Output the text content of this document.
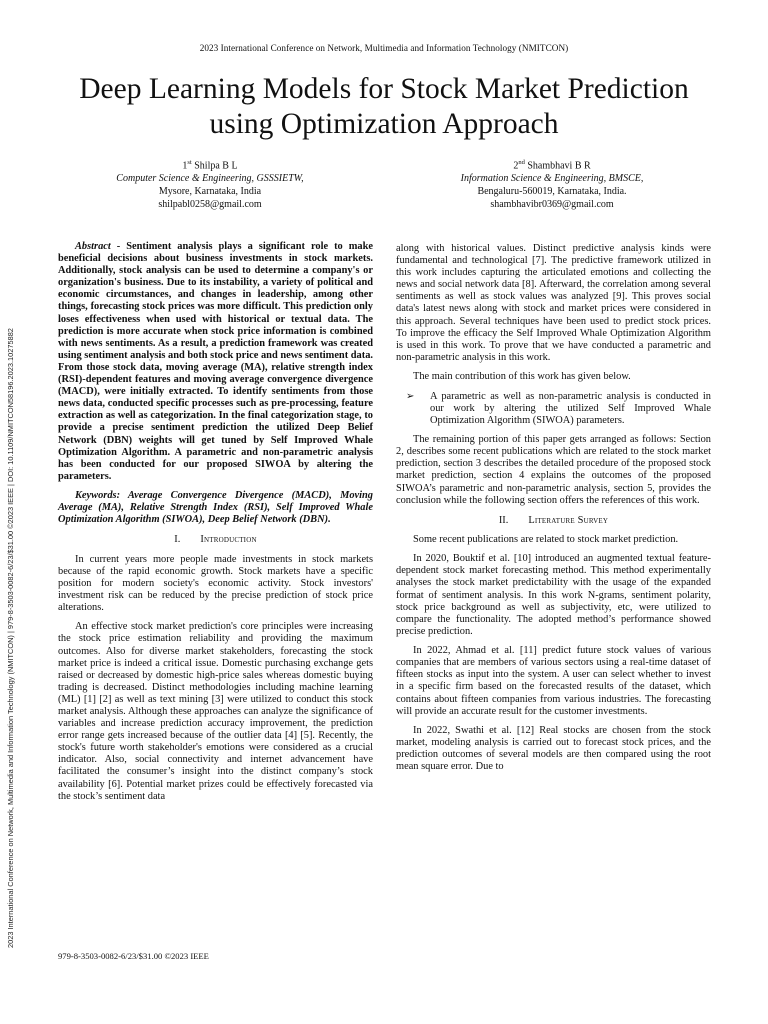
2023 International Conference on Network, Multimedia and Information Technology (NMITCON)
Deep Learning Models for Stock Market Prediction
using Optimization Approach
1st Shilpa B L
Computer Science & Engineering, GSSSIETW,
Mysore, Karnataka, India
shilpabl0258@gmail.com
2nd Shambhavi B R
Information Science & Engineering, BMSCE,
Bengaluru-560019, Karnataka, India.
shambhavibr0369@gmail.com
2023 International Conference on Network, Multimedia and Information Technology (NMITCON) | 979-8-3503-0082-6/23/$31.00 ©2023 IEEE | DOI: 10.1109/NMITCON58196.2023.10275882

Abstract - Sentiment analysis plays a significant role to make beneficial decisions about business investments in stock markets. Additionally, stock analysis can be used to determine a company's or organization's business. Due to its instability, a variety of political and economic circumstances, and changes in leadership, among other things, forecasting stock prices was more difficult. This prediction only loses effectiveness when used with historical or textual data. The prediction is more accurate when stock price information is combined with news sentiments. As a result, a prediction framework was created using sentiment analysis and both stock price and news sentiment data. From those stock data, moving average (MA), relative strength index (RSI)-dependent features and moving average convergence divergence (MACD), were initially extracted. To identify sentiments from those news data, conducted specific processes such as pre-processing, feature extraction as well as categorization. In the final categorization stage, to provide a precise sentiment prediction the utilized Deep Belief Network (DBN) weights will get tuned by Self Improved Whale Optimization Algorithm. A parametric and non-parametric analysis has been conducted for our proposed SIWOA by altering the parameters.

Keywords: Average Convergence Divergence (MACD), Moving Average (MA), Relative Strength Index (RSI), Self Improved Whale Optimization Algorithm (SIWOA), Deep Belief Network (DBN).

I. Introduction

In current years more people made investments in stock markets because of the rapid economic growth. Stock markets have a specific position for modern society's economic activity. Stock investors' investment risk can be reduced by the precise prediction of stock price alterations.

An effective stock market prediction's core principles were increasing the stock price estimation reliability and providing the maximum outcomes. Also for diverse market stakeholders, forecasting the stock market price is indeed a critical issue. Domestic purchasing exchange gets raised or decreased by domestic high-price sales whereas domestic buying trading is decreased. Distinct methodologies including machine learning (ML) [1] [2] as well as text mining [3] were utilized to conduct this stock market analysis. Although these approaches can analyze the significance of variables and increase prediction accuracy improvement, the prediction error range gets increased because of the outlier data [4] [5]. Recently, the stock's future worth stakeholder's emotions were considered as a crucial indicator. Also, social connectivity and internet advancement have facilitated the consumer’s insight into the distinct company’s stock availability [6]. Potential market prizes could be effectively forecasted via the stock’s sentiment data

along with historical values. Distinct predictive analysis kinds were fundamental and technological [7]. The predictive framework utilized in this work includes capturing the articulated emotions and collecting the news and social network data [8]. Afterward, the correlation among several sentiments as well as stock values was analyzed [9]. This proves social data's latest news along with stock and market prices were considered in this approach. Several techniques have been used to predict stock prices. To improve the efficacy the Self Improved Whale Optimization Algorithm is used in this work. To prove that we have conducted a parametric and non-parametric analysis in this work.

The main contribution of this work has given below.

➢	A parametric as well as non-parametric analysis is conducted in our work by altering the utilized Self Improved Whale Optimization Algorithm (SIWOA) parameters.

The remaining portion of this paper gets arranged as follows: Section 2, describes some recent publications which are related to the stock market prediction, section 3 describes the detailed procedure of the proposed stock market prediction, section 4 explains the outcomes of the proposed SIWOA’s parametric and non-parametric analysis, section 5, provides the conclusion while the following section offers the references of this work.

II. Literature Survey

Some recent publications are related to stock market prediction.

In 2020, Bouktif et al. [10] introduced an augmented textual feature-dependent stock market forecasting method. This method experimentally analyses the stock market predictability with the usage of the expanded format of sentiment analysis. In this work N-grams, sentiment polarity, stock price background as well as subjectivity, etc, were utilized to compare the functionality. The adopted method’s performance showed precise prediction.

In 2022, Ahmad et al. [11] predict future stock values of various companies that are members of various sectors using a real-time dataset of fifteen stocks as input into the system. A user can select whether to invest in a specific firm based on the forecasted results of the dataset, which contains about fifteen companies from various industries. The forecasting will provide an accurate result for the customer investments.

In 2022, Swathi et al. [12] Real stocks are chosen from the stock market, modeling analysis is carried out to forecast stock prices, and the prediction outcomes of several models are then compared using the root mean square error. Due to

979-8-3503-0082-6/23/$31.00 ©2023 IEEE
